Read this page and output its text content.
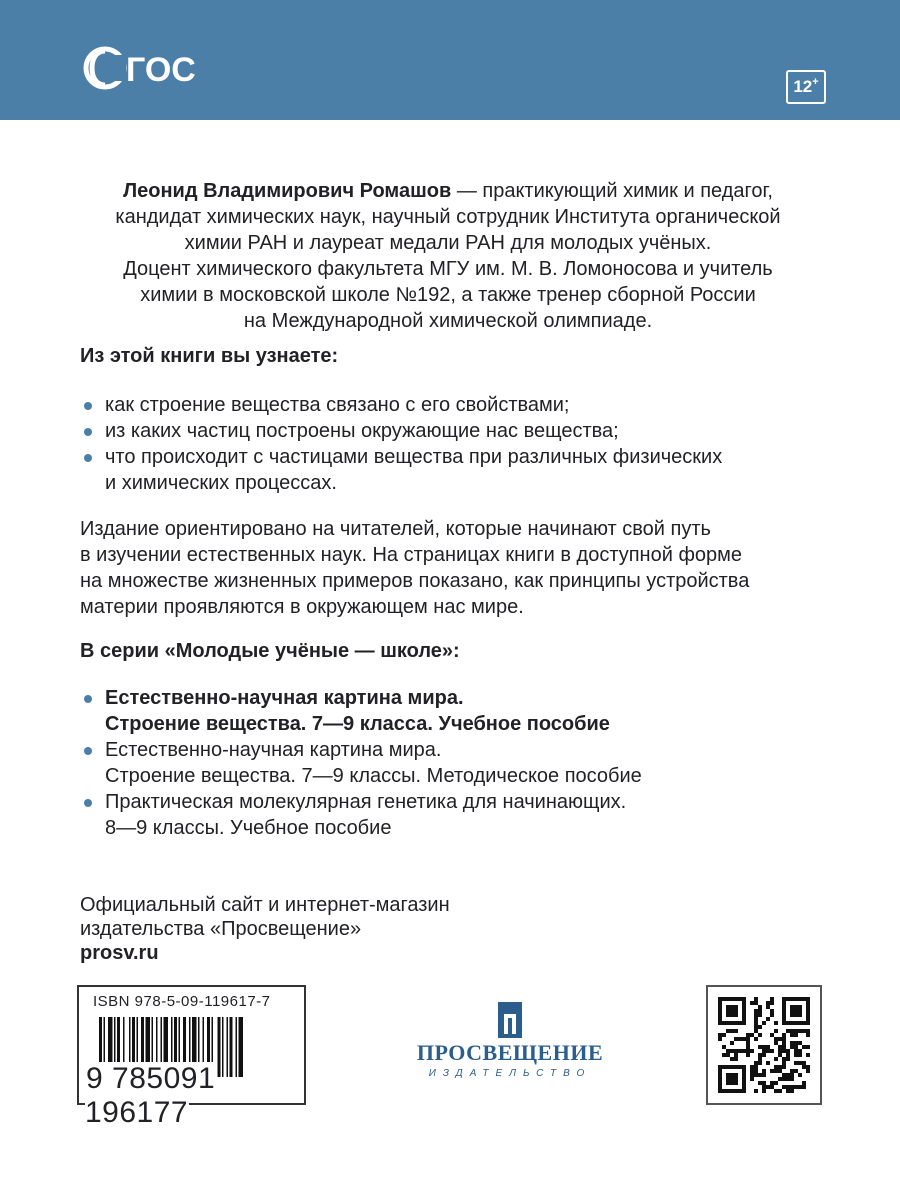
ГОС	12+
Леонид Владимирович Ромашов — практикующий химик и педагог,
кандидат химических наук, научный сотрудник Института органической
химии РАН и лауреат медали РАН для молодых учёных.
Доцент химического факультета МГУ им. М. В. Ломоносова и учитель
химии в московской школе №192, а также тренер сборной России
на Международной химической олимпиаде.
Из этой книги вы узнаете:
как строение вещества связано с его свойствами;
из каких частиц построены окружающие нас вещества;
что происходит с частицами вещества при различных физических
и химических процессах.
Издание ориентировано на читателей, которые начинают свой путь
в изучении естественных наук. На страницах книги в доступной форме
на множестве жизненных примеров показано, как принципы устройства
материи проявляются в окружающем нас мире.
В серии «Молодые учёные — школе»:
Естественно-научная картина мира.
Строение вещества. 7—9 класса. Учебное пособие
Естественно-научная картина мира.
Строение вещества. 7—9 классы. Методическое пособие
Практическая молекулярная генетика для начинающих.
8—9 классы. Учебное пособие
Официальный сайт и интернет-магазин
издательства «Просвещение»
prosv.ru
ISBN 978-5-09-119617-7
9 785091 196177
ПРОСВЕЩЕНИЕ
ИЗДАТЕЛЬСТВО
